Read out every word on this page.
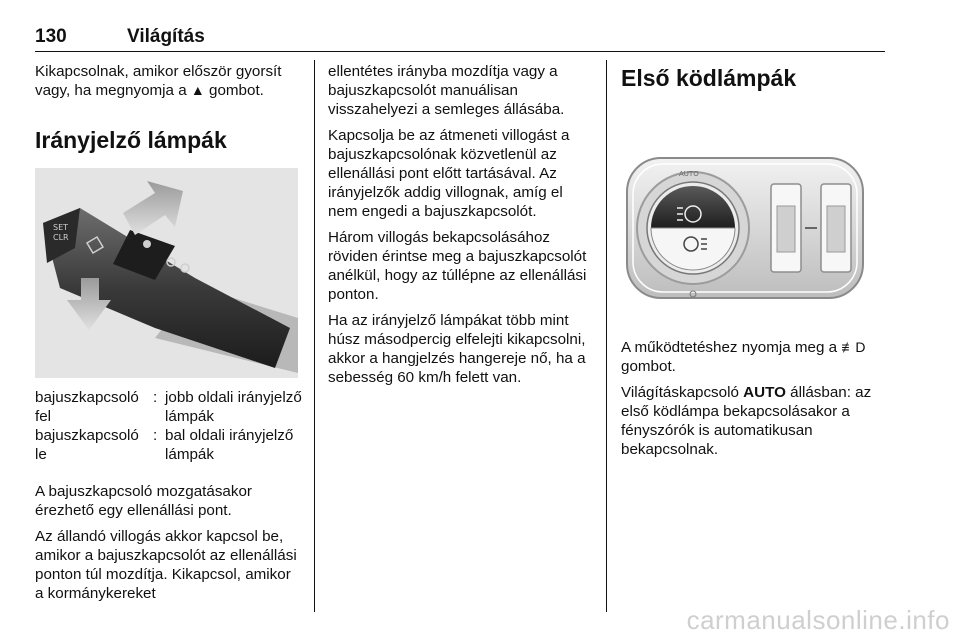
130	Világítás

Kikapcsolnak, amikor először gyorsít vagy, ha megnyomja a ▲ gombot.

Irányjelző lámpák
SET
CLR
bajuszkapcsoló fel
: jobb oldali irányjelző lámpák
bajuszkapcsoló le
: bal oldali irányjelző lámpák

A bajuszkapcsoló mozgatásakor érezhető egy ellenállási pont.

Az állandó villogás akkor kapcsol be, amikor a bajuszkapcsolót az ellenállási ponton túl mozdítja. Kikapcsol, amikor a kormánykereket

ellentétes irányba mozdítja vagy a bajuszkapcsolót manuálisan visszahelyezi a semleges állásába.

Kapcsolja be az átmeneti villogást a bajuszkapcsolónak közvetlenül az ellenállási pont előtt tartásával. Az irányjelzők addig villognak, amíg el nem engedi a bajuszkapcsolót.

Három villogás bekapcsolásához röviden érintse meg a bajuszkapcsolót anélkül, hogy az túllépne az ellenállási ponton.

Ha az irányjelző lámpákat több mint húsz másodpercig elfelejti kikapcsolni, akkor a hangjelzés hangereje nő, ha a sebesség 60 km/h felett van.

Első ködlámpák
AUTO

A működtetéshez nyomja meg a ≢D gombot.

Világításkapcsoló AUTO állásban: az első ködlámpa bekapcsolásakor a fényszórók is automatikusan bekapcsolnak.

carmanualsonline.info
